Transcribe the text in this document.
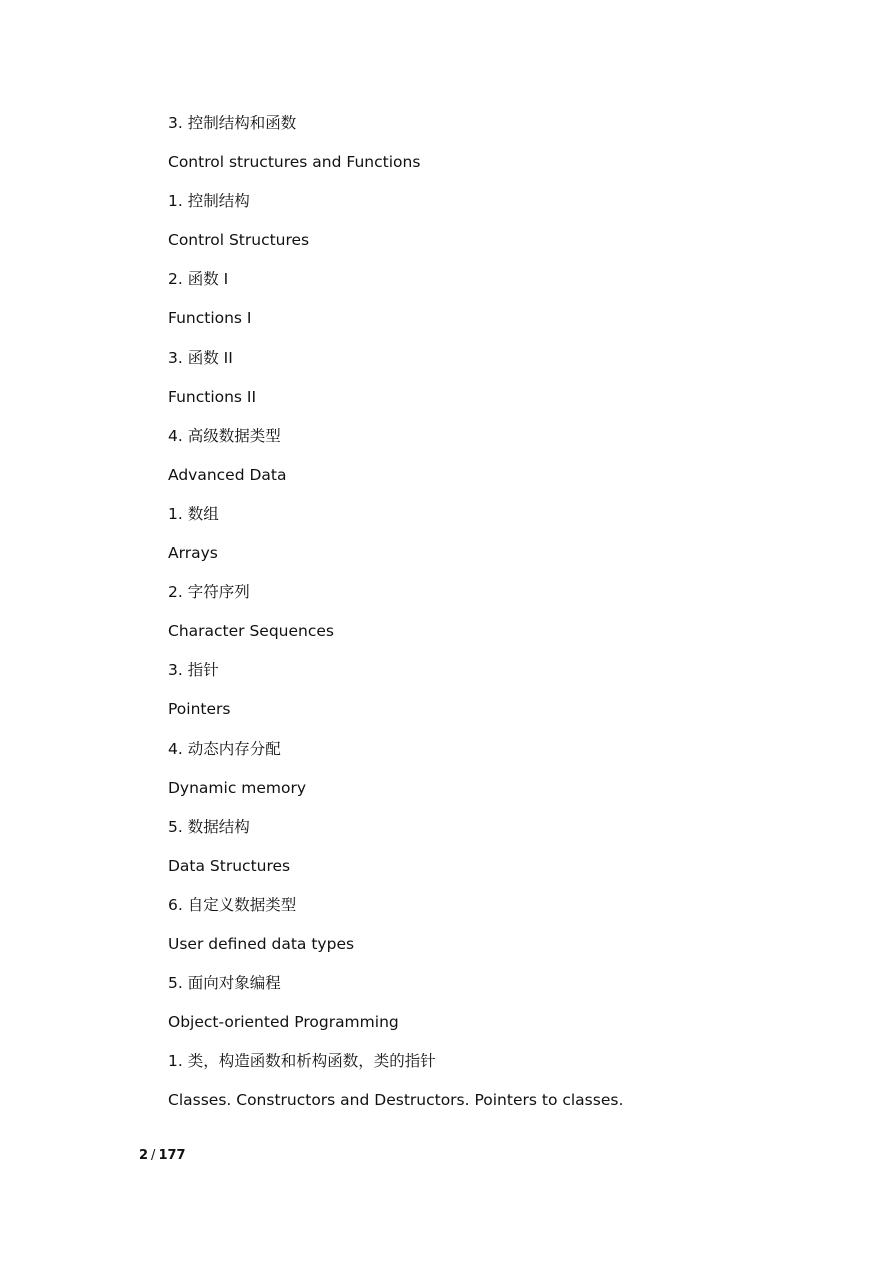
3. 控制结构和函数
Control structures and Functions
1. 控制结构
Control Structures
2. 函数 I
Functions I
3. 函数 II
Functions II
4. 高级数据类型
Advanced Data
1. 数组
Arrays
2. 字符序列
Character Sequences
3. 指针
Pointers
4. 动态内存分配
Dynamic memory
5. 数据结构
Data Structures
6. 自定义数据类型
User defined data types
5. 面向对象编程
Object-oriented Programming
1. 类，构造函数和析构函数，类的指针
Classes. Constructors and Destructors. Pointers to classes.
2 / 177
